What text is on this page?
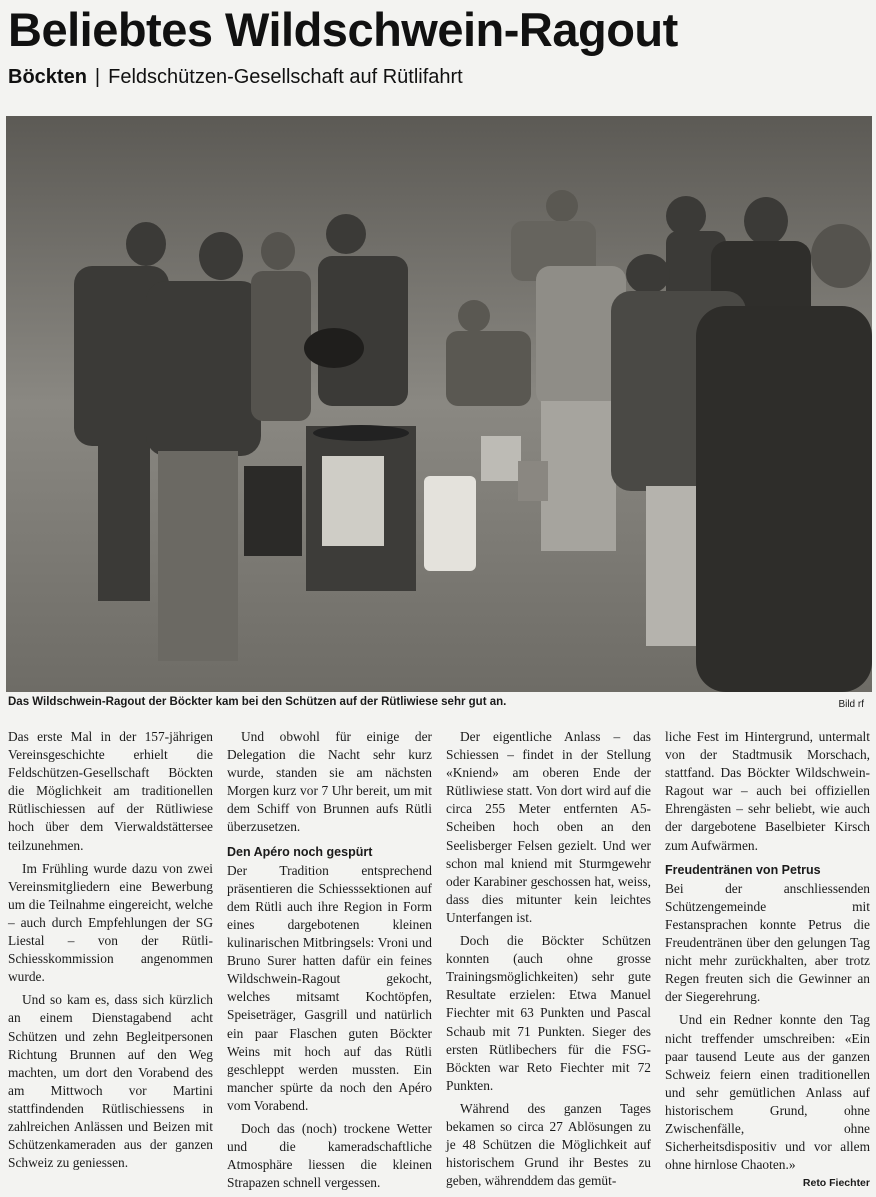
Beliebtes Wildschwein-Ragout
Böckten | Feldschützen-Gesellschaft auf Rütlifahrt
Das Wildschwein-Ragout der Böckter kam bei den Schützen auf der Rütliwiese sehr gut an.	Bild rf

Das erste Mal in der 157-jährigen Vereinsgeschichte erhielt die Feldschützen-Gesellschaft Böckten die Möglichkeit am traditionellen Rütlischiessen auf der Rütliwiese hoch über dem Vierwaldstättersee teilzunehmen.

Im Frühling wurde dazu von zwei Vereinsmitgliedern eine Bewerbung um die Teilnahme eingereicht, welche – auch durch Empfehlungen der SG Liestal – von der Rütli-Schiesskommission angenommen wurde.

Und so kam es, dass sich kürzlich an einem Dienstagabend acht Schützen und zehn Begleitpersonen Richtung Brunnen auf den Weg machten, um dort den Vorabend des am Mittwoch vor Martini stattfindenden Rütlischiessens in zahlreichen Anlässen und Beizen mit Schützenkameraden aus der ganzen Schweiz zu geniessen.

Und obwohl für einige der Delegation die Nacht sehr kurz wurde, standen sie am nächsten Morgen kurz vor 7 Uhr bereit, um mit dem Schiff von Brunnen aufs Rütli überzusetzen.

Den Apéro noch gespürt

Der Tradition entsprechend präsentieren die Schiesssektionen auf dem Rütli auch ihre Region in Form eines dargebotenen kleinen kulinarischen Mitbringsels: Vroni und Bruno Surer hatten dafür ein feines Wildschwein-Ragout gekocht, welches mitsamt Kochtöpfen, Speiseträger, Gasgrill und natürlich ein paar Flaschen guten Böckter Weins mit hoch auf das Rütli geschleppt werden mussten. Ein mancher spürte da noch den Apéro vom Vorabend.

Doch das (noch) trockene Wetter und die kameradschaftliche Atmosphäre liessen die kleinen Strapazen schnell vergessen.

Der eigentliche Anlass – das Schiessen – findet in der Stellung «Kniend» am oberen Ende der Rütliwiese statt. Von dort wird auf die circa 255 Meter entfernten A5-Scheiben hoch oben an den Seelisberger Felsen gezielt. Und wer schon mal kniend mit Sturmgewehr oder Karabiner geschossen hat, weiss, dass dies mitunter kein leichtes Unterfangen ist.

Doch die Böckter Schützen konnten (auch ohne grosse Trainingsmöglichkeiten) sehr gute Resultate erzielen: Etwa Manuel Fiechter mit 63 Punkten und Pascal Schaub mit 71 Punkten. Sieger des ersten Rütlibechers für die FSG-Böckten war Reto Fiechter mit 72 Punkten.

Während des ganzen Tages bekamen so circa 27 Ablösungen zu je 48 Schützen die Möglichkeit auf historischem Grund ihr Bestes zu geben, währenddem das gemüt-

liche Fest im Hintergrund, untermalt von der Stadtmusik Morschach, stattfand. Das Böckter Wildschwein-Ragout war – auch bei offiziellen Ehrengästen – sehr beliebt, wie auch der dargebotene Baselbieter Kirsch zum Aufwärmen.

Freudentränen von Petrus

Bei der anschliessenden Schützengemeinde mit Festansprachen konnte Petrus die Freudentränen über den gelungen Tag nicht mehr zurückhalten, aber trotz Regen freuten sich die Gewinner an der Siegerehrung.

Und ein Redner konnte den Tag nicht treffender umschreiben: «Ein paar tausend Leute aus der ganzen Schweiz feiern einen traditionellen und sehr gemütlichen Anlass auf historischem Grund, ohne Zwischenfälle, ohne Sicherheitsdispositiv und vor allem ohne hirnlose Chaoten.»
Reto Fiechter
